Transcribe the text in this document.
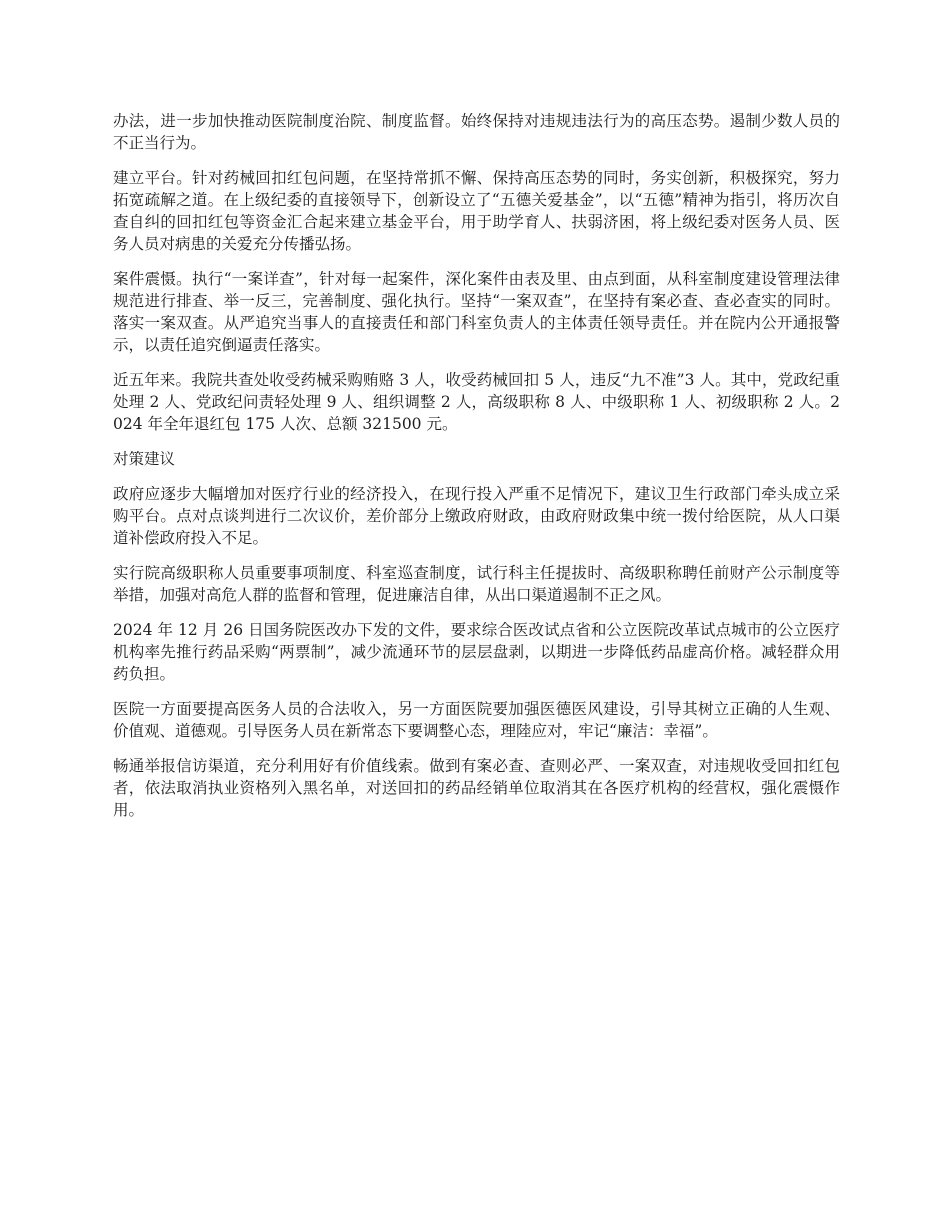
办法，进一步加快推动医院制度治院、制度监督。始终保持对违规违法行为的高压态势。遏制少数人员的不正当行为。

建立平台。针对药械回扣红包问题，在坚持常抓不懈、保持高压态势的同时，务实创新，积极探究，努力拓宽疏解之道。在上级纪委的直接领导下，创新设立了“五德关爱基金”，以“五德”精神为指引，将历次自查自纠的回扣红包等资金汇合起来建立基金平台，用于助学育人、扶弱济困，将上级纪委对医务人员、医务人员对病患的关爱充分传播弘扬。

案件震慑。执行“一案详查”，针对每一起案件，深化案件由表及里、由点到面，从科室制度建设管理法律规范进行排查、举一反三，完善制度、强化执行。坚持“一案双查”，在坚持有案必查、查必查实的同时。落实一案双查。从严追究当事人的直接责任和部门科室负责人的主体责任领导责任。并在院内公开通报警示，以责任追究倒逼责任落实。

近五年来。我院共查处收受药械采购贿赂 3 人，收受药械回扣 5 人，违反“九不准”3 人。其中，党政纪重处理 2 人、党政纪问责轻处理 9 人、组织调整 2 人，高级职称 8 人、中级职称 1 人、初级职称 2 人。2024 年全年退红包 175 人次、总额 321500 元。

对策建议

政府应逐步大幅增加对医疗行业的经济投入，在现行投入严重不足情况下，建议卫生行政部门牵头成立采购平台。点对点谈判进行二次议价，差价部分上缴政府财政，由政府财政集中统一拨付给医院，从人口渠道补偿政府投入不足。

实行院高级职称人员重要事项制度、科室巡查制度，试行科主任提拔时、高级职称聘任前财产公示制度等举措，加强对高危人群的监督和管理，促进廉洁自律，从出口渠道遏制不正之风。

2024 年 12 月 26 日国务院医改办下发的文件，要求综合医改试点省和公立医院改革试点城市的公立医疗机构率先推行药品采购“两票制”，减少流通环节的层层盘剥，以期进一步降低药品虚高价格。减轻群众用药负担。

医院一方面要提高医务人员的合法收入，另一方面医院要加强医德医风建设，引导其树立正确的人生观、价值观、道德观。引导医务人员在新常态下要调整心态，理陸应对，牢记“廉洁：幸福”。

畅通举报信访渠道，充分利用好有价值线索。做到有案必查、查则必严、一案双查，对违规收受回扣红包者，依法取消执业资格列入黑名单，对送回扣的药品经销单位取消其在各医疗机构的经营权，强化震慑作用。
